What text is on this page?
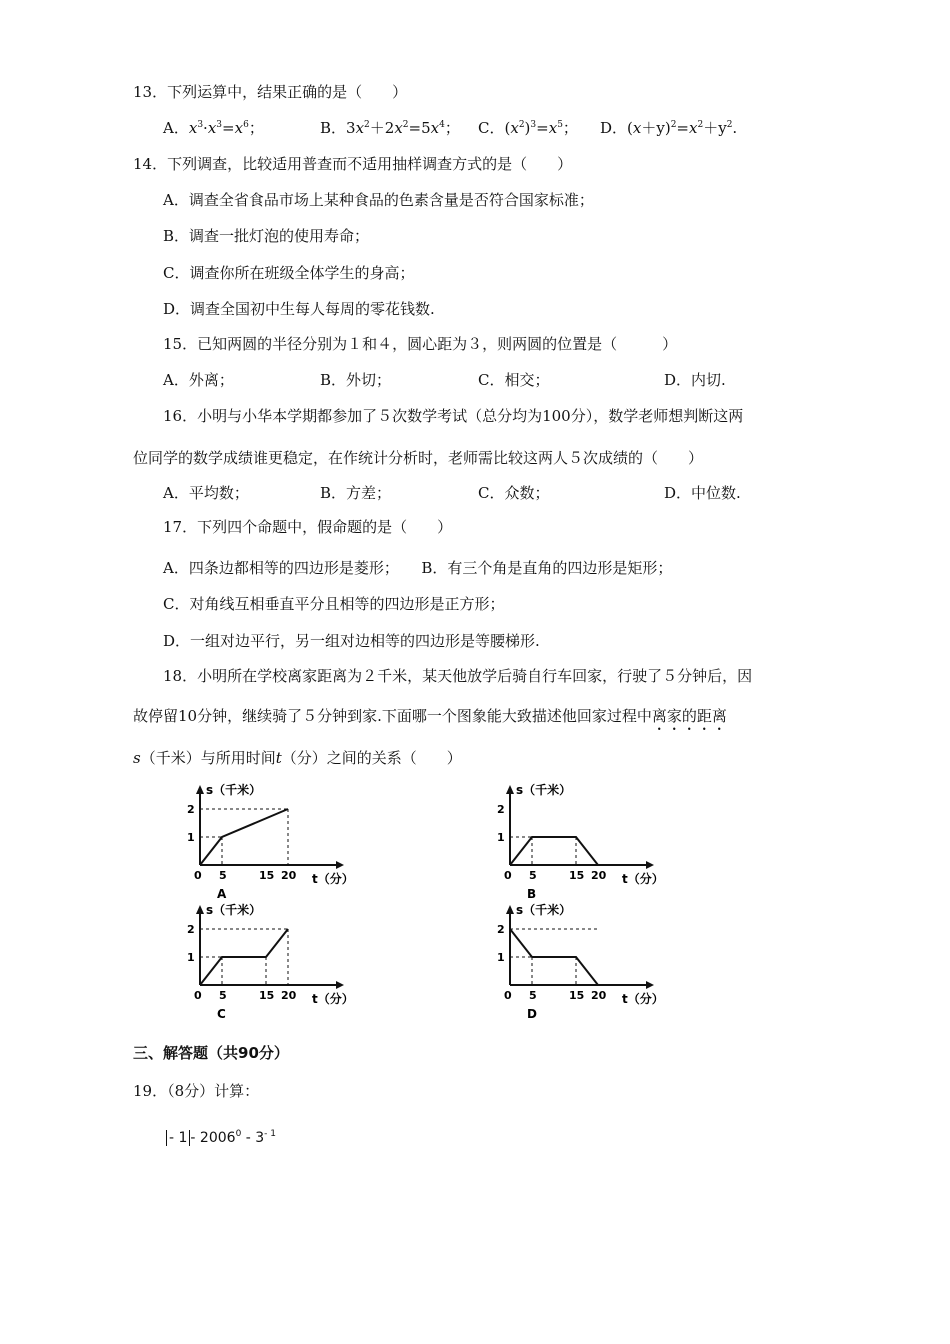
13．下列运算中，结果正确的是（　　）
A．$x^3\cdot x^3=x^6$；	B．$3x^2+2x^2=5x^4$； C．$(x^2)^3=x^5$； D．$(x+y)^2=x^2+y^2$.
14．下列调查，比较适用普查而不适用抽样调查方式的是（　　）
A．调查全省食品市场上某种食品的色素含量是否符合国家标准；
B．调查一批灯泡的使用寿命；
C．调查你所在班级全体学生的身高；
D．调查全国初中生每人每周的零花钱数.
15．已知两圆的半径分别为１和４，圆心距为３，则两圆的位置是（　　　）
A．外离；	B．外切；	C．相交；	D．内切.
16．小明与小华本学期都参加了５次数学考试（总分均为100分），数学老师想判断这两
位同学的数学成绩谁更稳定，在作统计分析时，老师需比较这两人５次成绩的（　　）
A．平均数；	B．方差；	C．众数；	D．中位数.
17．下列四个命题中，假命题的是（　　）
A．四条边都相等的四边形是菱形；　　B．有三个角是直角的四边形是矩形；
C．对角线互相垂直平分且相等的四边形是正方形；
D．一组对边平行，另一组对边相等的四边形是等腰梯形.
18．小明所在学校离家距离为２千米，某天他放学后骑自行车回家，行驶了５分钟后，因
故停留10分钟，继续骑了５分钟到家.下面哪一个图象能大致描述他回家过程中离家的距离
s（千米）与所用时间t（分）之间的关系（　　）
s（千米）
t（分）
0
1
2
5	15 20
A
s（千米）
t（分）
0
1
2
5	15 20
B
s（千米）
t（分）
0
1
2
5	15 20
C
s（千米）
t（分）
0
1
2
5	15 20
D
三、解答题（共90分）
19．（8分）计算：
- $1 - 2006^0 - 3^{- 1}$
